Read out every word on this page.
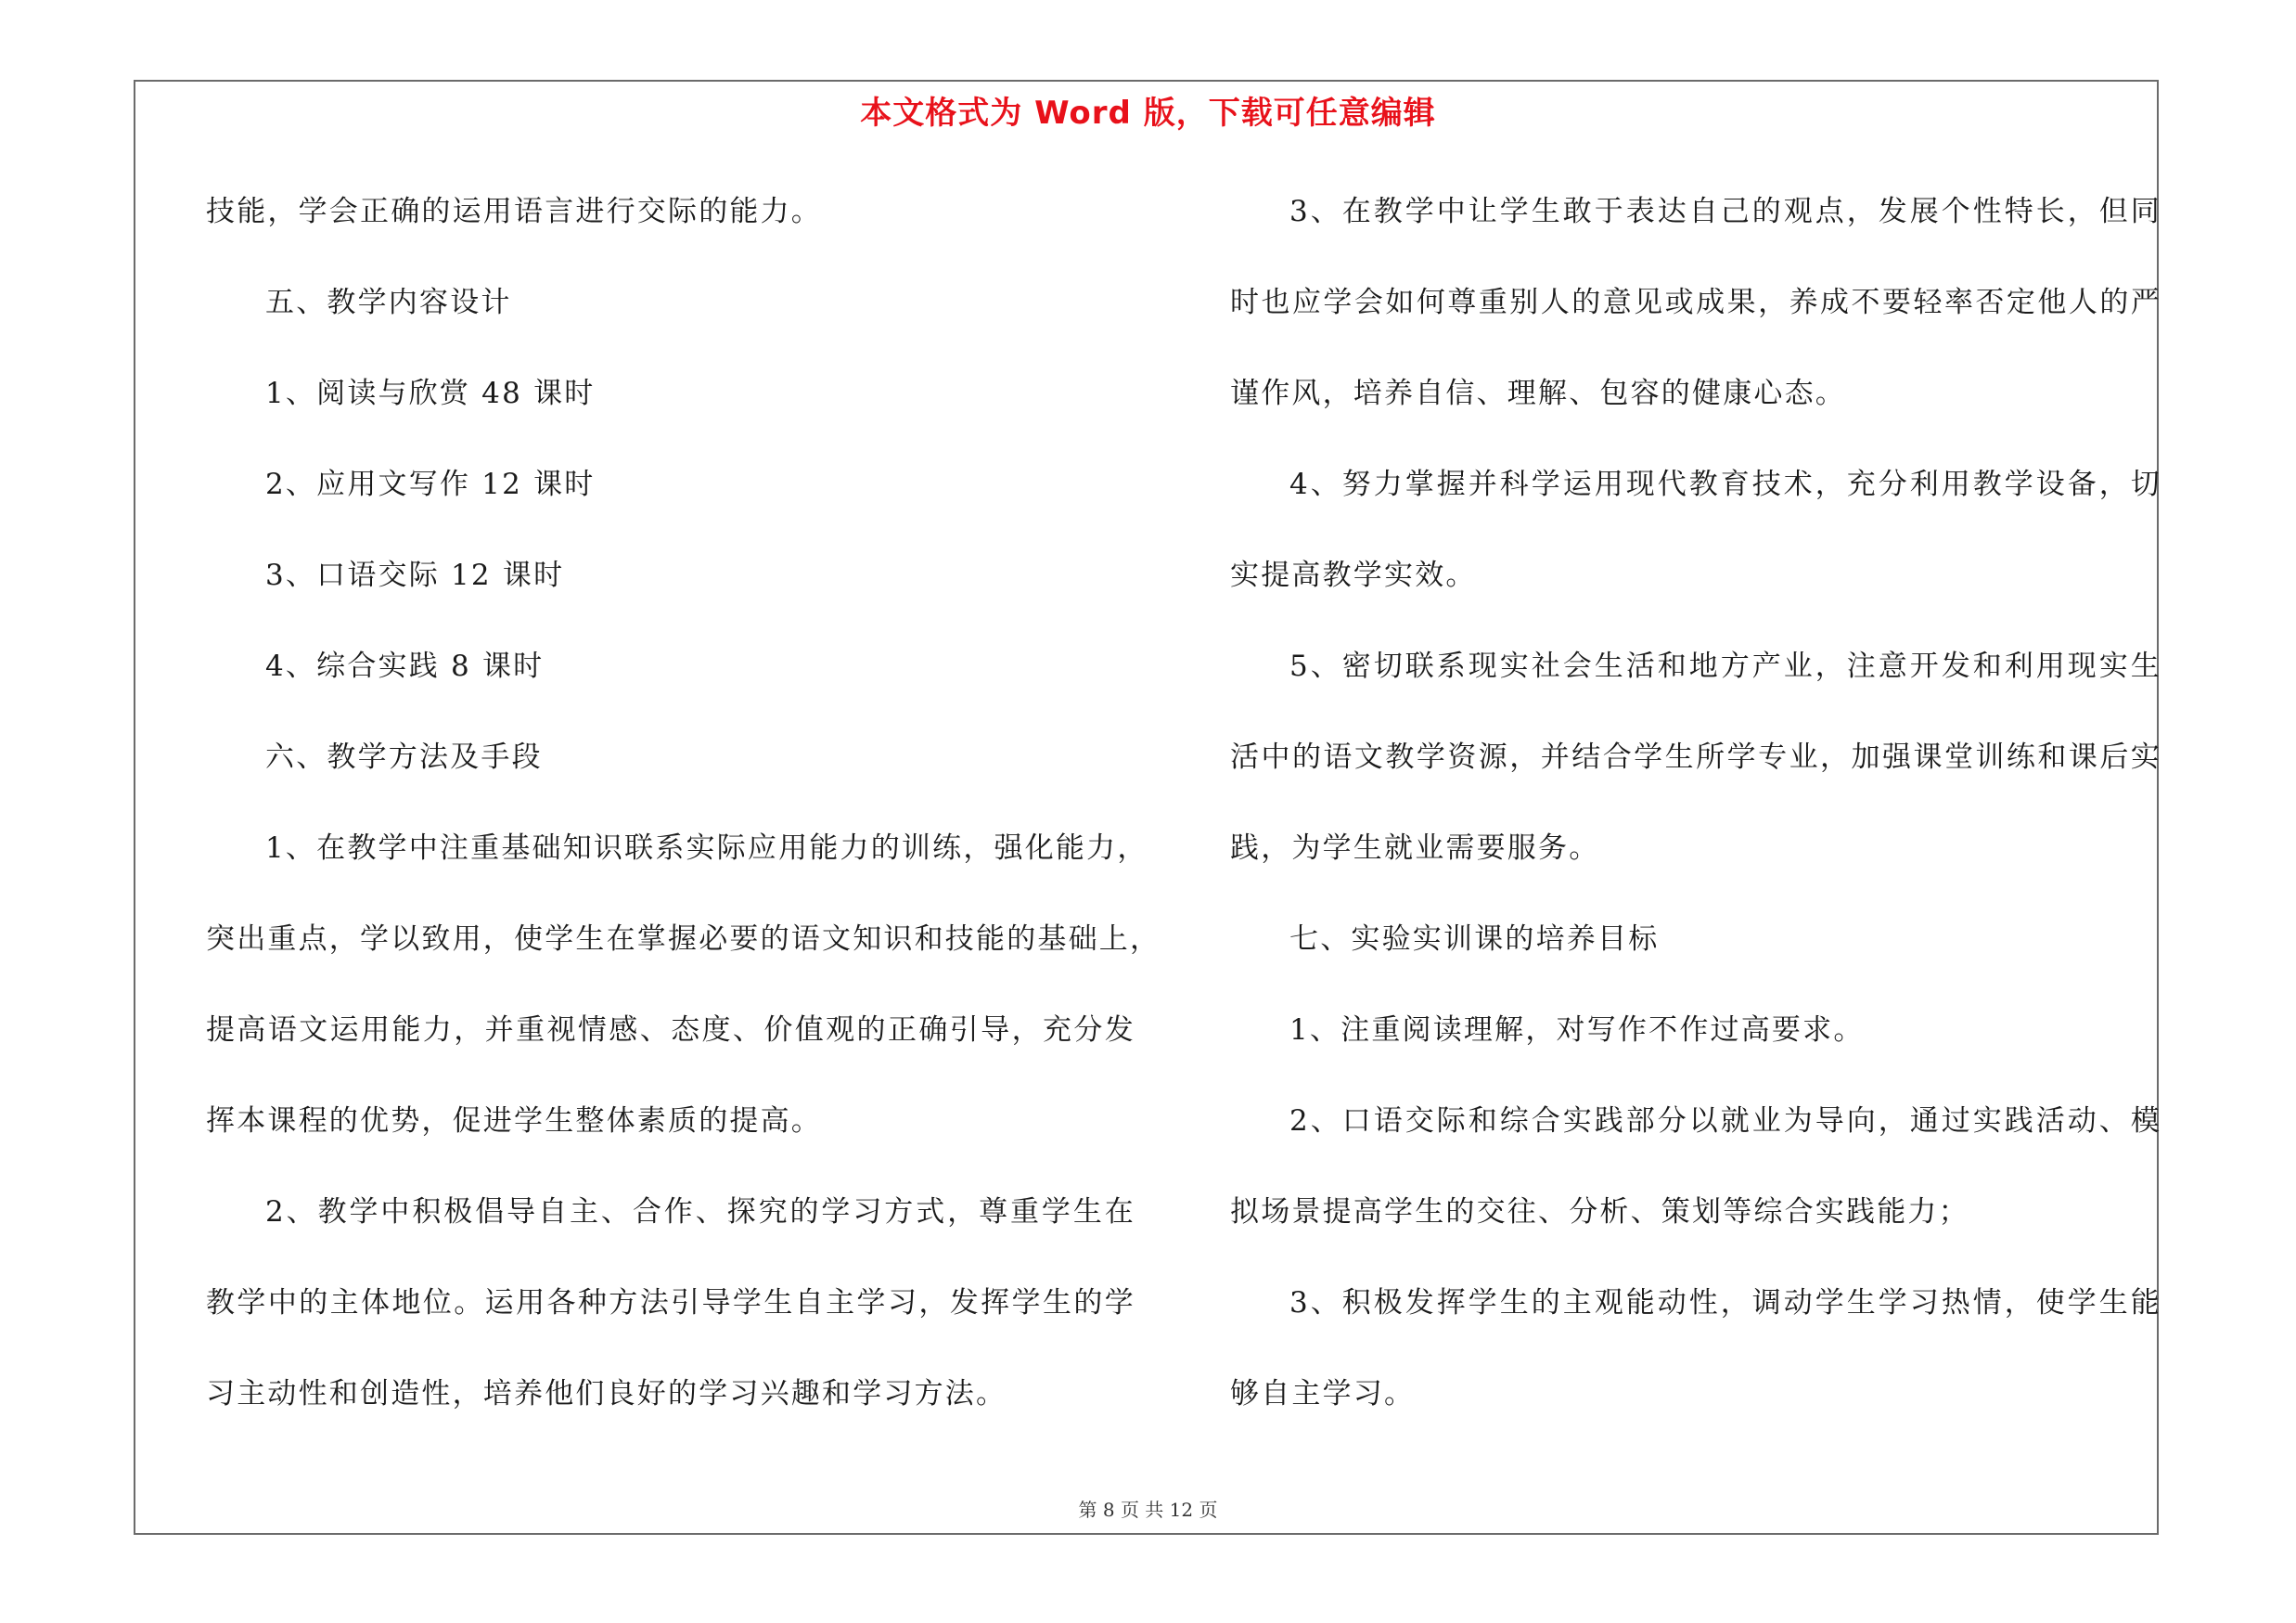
本文格式为 Word 版，下载可任意编辑
技能，学会正确的运用语言进行交际的能力。
五、教学内容设计
1、阅读与欣赏 48 课时
2、应用文写作 12 课时
3、口语交际 12 课时
4、综合实践 8 课时
六、教学方法及手段
1、在教学中注重基础知识联系实际应用能力的训练，强化能力，
突出重点，学以致用，使学生在掌握必要的语文知识和技能的基础上，
提高语文运用能力，并重视情感、态度、价值观的正确引导，充分发
挥本课程的优势，促进学生整体素质的提高。
2、教学中积极倡导自主、合作、探究的学习方式，尊重学生在
教学中的主体地位。运用各种方法引导学生自主学习，发挥学生的学
习主动性和创造性，培养他们良好的学习兴趣和学习方法。
3、在教学中让学生敢于表达自己的观点，发展个性特长，但同
时也应学会如何尊重别人的意见或成果，养成不要轻率否定他人的严
谨作风，培养自信、理解、包容的健康心态。
4、努力掌握并科学运用现代教育技术，充分利用教学设备，切
实提高教学实效。
5、密切联系现实社会生活和地方产业，注意开发和利用现实生
活中的语文教学资源，并结合学生所学专业，加强课堂训练和课后实
践，为学生就业需要服务。
七、实验实训课的培养目标
1、注重阅读理解，对写作不作过高要求。
2、口语交际和综合实践部分以就业为导向，通过实践活动、模
拟场景提高学生的交往、分析、策划等综合实践能力；
3、积极发挥学生的主观能动性，调动学生学习热情，使学生能
够自主学习。
第 8 页 共 12 页
